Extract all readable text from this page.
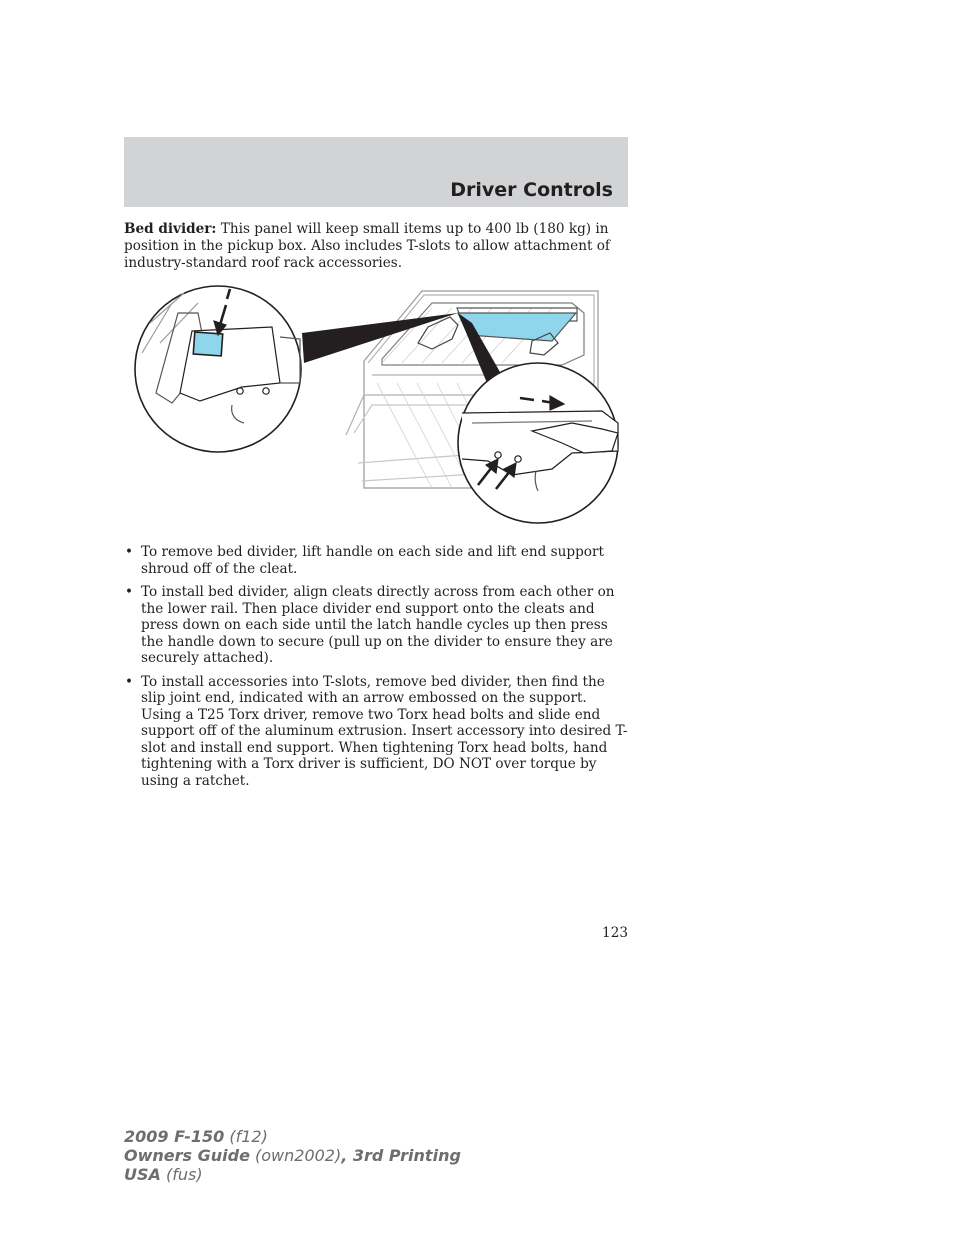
Driver Controls

Bed divider: This panel will keep small items up to 400 lb (180 kg) in position in the pickup box. Also includes T-slots to allow attachment of industry-standard roof rack accessories.

• To remove bed divider, lift handle on each side and lift end support shroud off of the cleat.
• To install bed divider, align cleats directly across from each other on the lower rail. Then place divider end support onto the cleats and press down on each side until the latch handle cycles up then press the handle down to secure (pull up on the divider to ensure they are securely attached).
• To install accessories into T-slots, remove bed divider, then find the slip joint end, indicated with an arrow embossed on the support. Using a T25 Torx driver, remove two Torx head bolts and slide end support off of the aluminum extrusion. Insert accessory into desired T-slot and install end support. When tightening Torx head bolts, hand tightening with a Torx driver is sufficient, DO NOT over torque by using a ratchet.
123
2009 F-150 (f12)
Owners Guide (own2002), 3rd Printing
USA (fus)
